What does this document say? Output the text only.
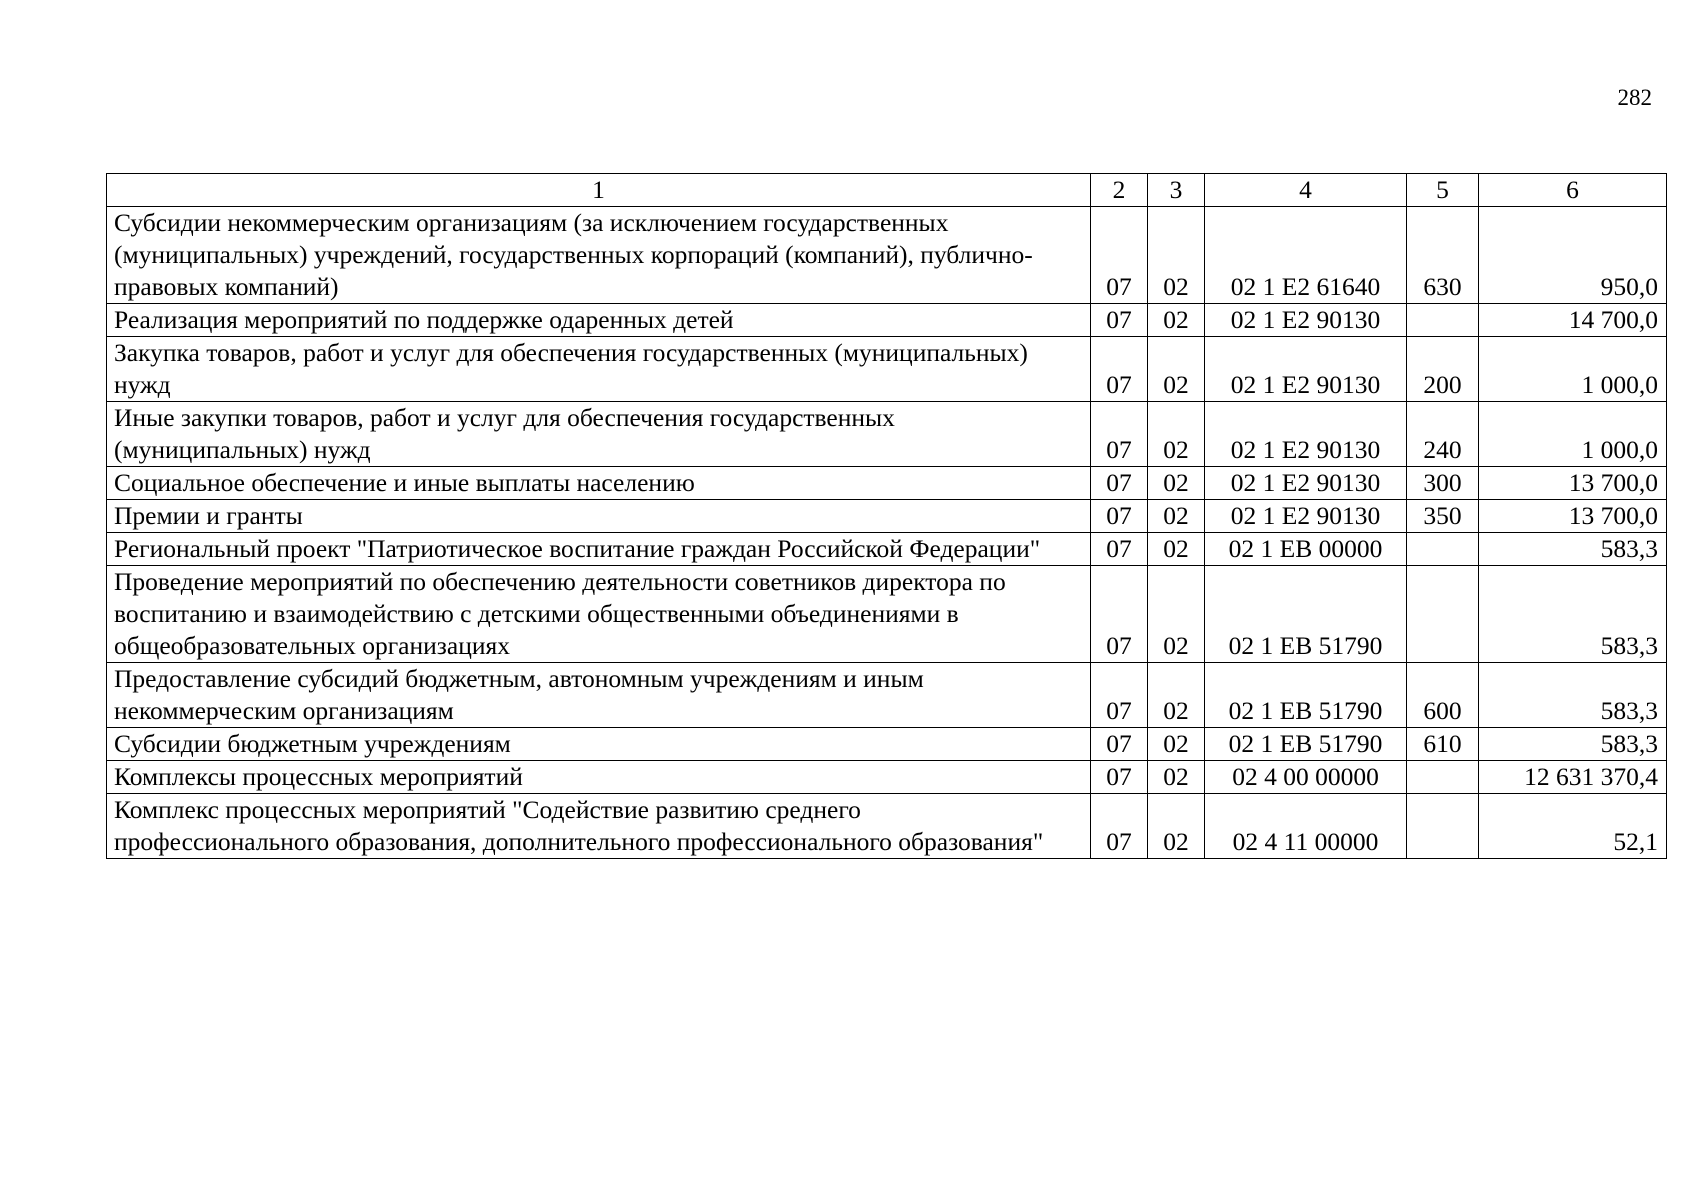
282
1	2	3	4	5	6
Субсидии некоммерческим организациям (за исключением государственных (муниципальных) учреждений, государственных корпораций (компаний), публично-правовых компаний)	07	02	02 1 E2 61640	630	950,0
Реализация мероприятий по поддержке одаренных детей	07	02	02 1 E2 90130		14 700,0
Закупка товаров, работ и услуг для обеспечения государственных (муниципальных) нужд	07	02	02 1 E2 90130	200	1 000,0
Иные закупки товаров, работ и услуг для обеспечения государственных (муниципальных) нужд	07	02	02 1 E2 90130	240	1 000,0
Социальное обеспечение и иные выплаты населению	07	02	02 1 E2 90130	300	13 700,0
Премии и гранты	07	02	02 1 E2 90130	350	13 700,0
Региональный проект "Патриотическое воспитание граждан Российской Федерации"	07	02	02 1 EB 00000		583,3
Проведение мероприятий по обеспечению деятельности советников директора по воспитанию и взаимодействию с детскими общественными объединениями в общеобразовательных организациях	07	02	02 1 EB 51790		583,3
Предоставление субсидий бюджетным, автономным учреждениям и иным некоммерческим организациям	07	02	02 1 EB 51790	600	583,3
Субсидии бюджетным учреждениям	07	02	02 1 EB 51790	610	583,3
Комплексы процессных мероприятий	07	02	02 4 00 00000		12 631 370,4
Комплекс процессных мероприятий "Содействие развитию среднего профессионального образования, дополнительного профессионального образования"	07	02	02 4 11 00000		52,1
